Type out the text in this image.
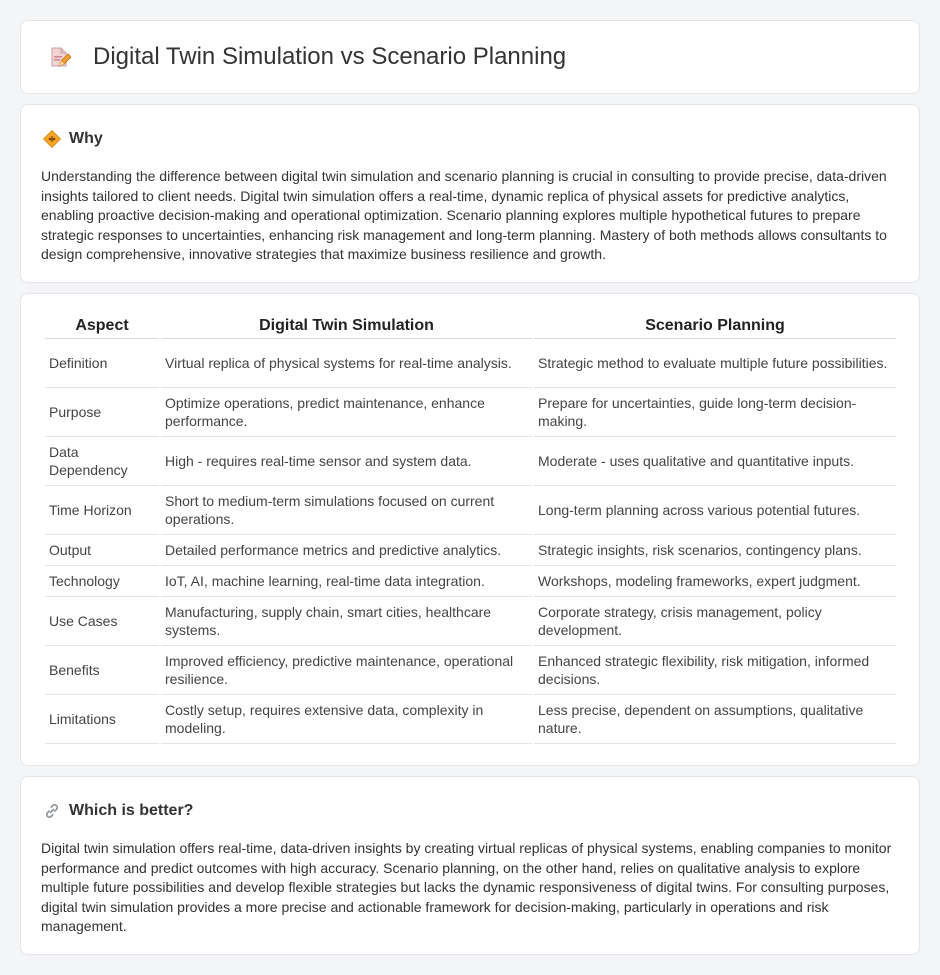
Digital Twin Simulation vs Scenario Planning
Why

Understanding the difference between digital twin simulation and scenario planning is crucial in consulting to provide precise, data-driven insights tailored to client needs. Digital twin simulation offers a real-time, dynamic replica of physical assets for predictive analytics, enabling proactive decision-making and operational optimization. Scenario planning explores multiple hypothetical futures to prepare strategic responses to uncertainties, enhancing risk management and long-term planning. Mastery of both methods allows consultants to design comprehensive, innovative strategies that maximize business resilience and growth.

Aspect	Digital Twin Simulation	Scenario Planning
Definition	Virtual replica of physical systems for real-time analysis.	Strategic method to evaluate multiple future possibilities.
Purpose	Optimize operations, predict maintenance, enhance performance.	Prepare for uncertainties, guide long-term decision-making.
Data Dependency	High - requires real-time sensor and system data.	Moderate - uses qualitative and quantitative inputs.
Time Horizon	Short to medium-term simulations focused on current operations.	Long-term planning across various potential futures.
Output	Detailed performance metrics and predictive analytics.	Strategic insights, risk scenarios, contingency plans.
Technology	IoT, AI, machine learning, real-time data integration.	Workshops, modeling frameworks, expert judgment.
Use Cases	Manufacturing, supply chain, smart cities, healthcare systems.	Corporate strategy, crisis management, policy development.
Benefits	Improved efficiency, predictive maintenance, operational resilience.	Enhanced strategic flexibility, risk mitigation, informed decisions.
Limitations	Costly setup, requires extensive data, complexity in modeling.	Less precise, dependent on assumptions, qualitative nature.
Which is better?

Digital twin simulation offers real-time, data-driven insights by creating virtual replicas of physical systems, enabling companies to monitor performance and predict outcomes with high accuracy. Scenario planning, on the other hand, relies on qualitative analysis to explore multiple future possibilities and develop flexible strategies but lacks the dynamic responsiveness of digital twins. For consulting purposes, digital twin simulation provides a more precise and actionable framework for decision-making, particularly in operations and risk management.
